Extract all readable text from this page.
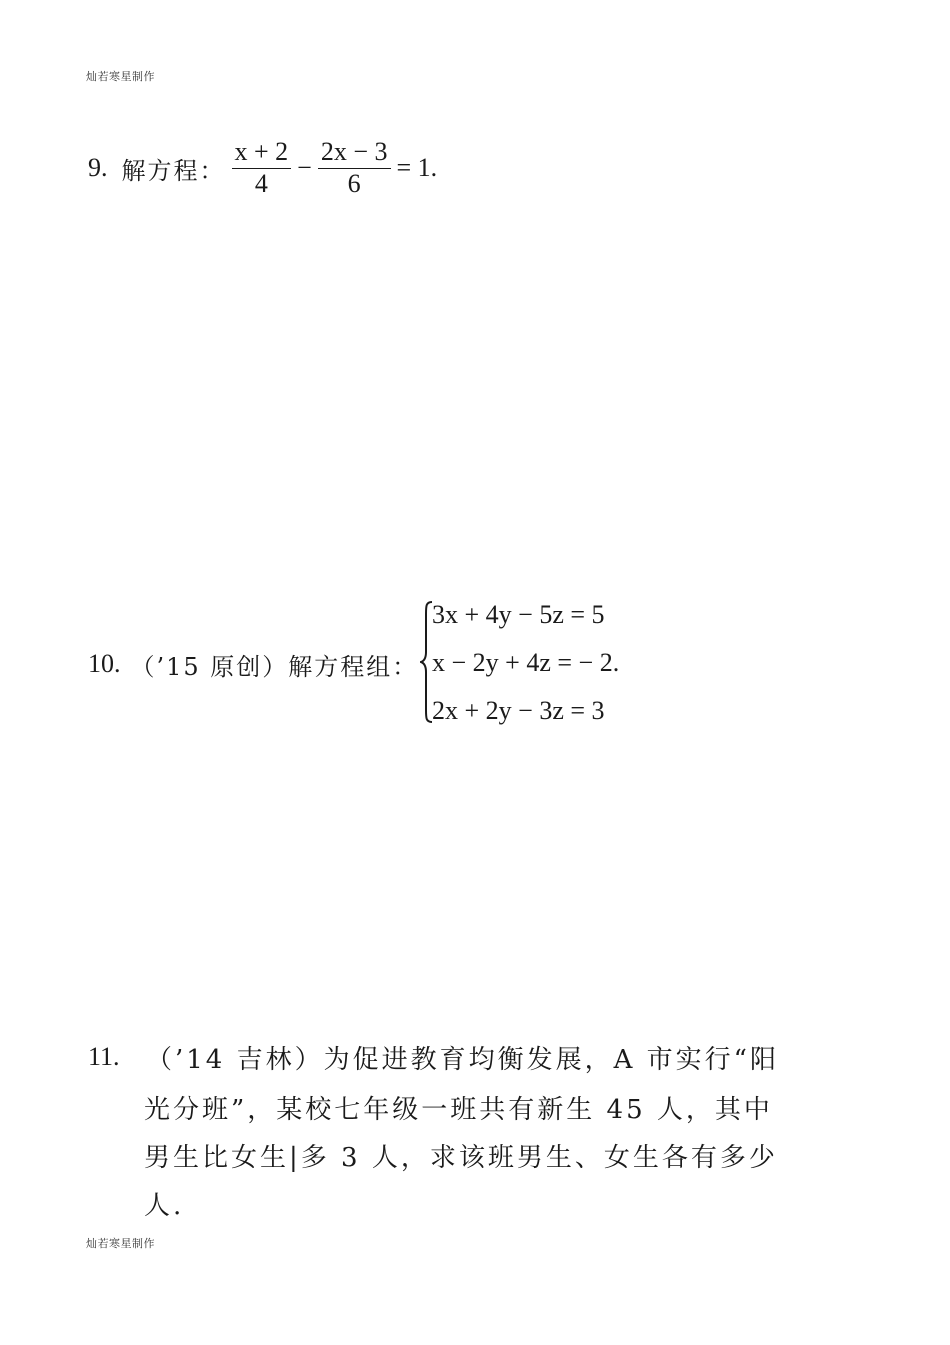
灿若寒星制作
9. 解方程： $\frac{x + 2}{4} - \frac{2x - 3}{6} = 1$.
10. （’15 原创）解方程组：
3x + 4y − 5z = 5
x − 2y + 4z = − 2.
2x + 2y − 3z = 3
11. （’14 吉林）为促进教育均衡发展，A 市实行“阳
光分班”，某校七年级一班共有新生 45 人，其中
男生比女生|多 3 人，求该班男生、女生各有多少
人.
灿若寒星制作
